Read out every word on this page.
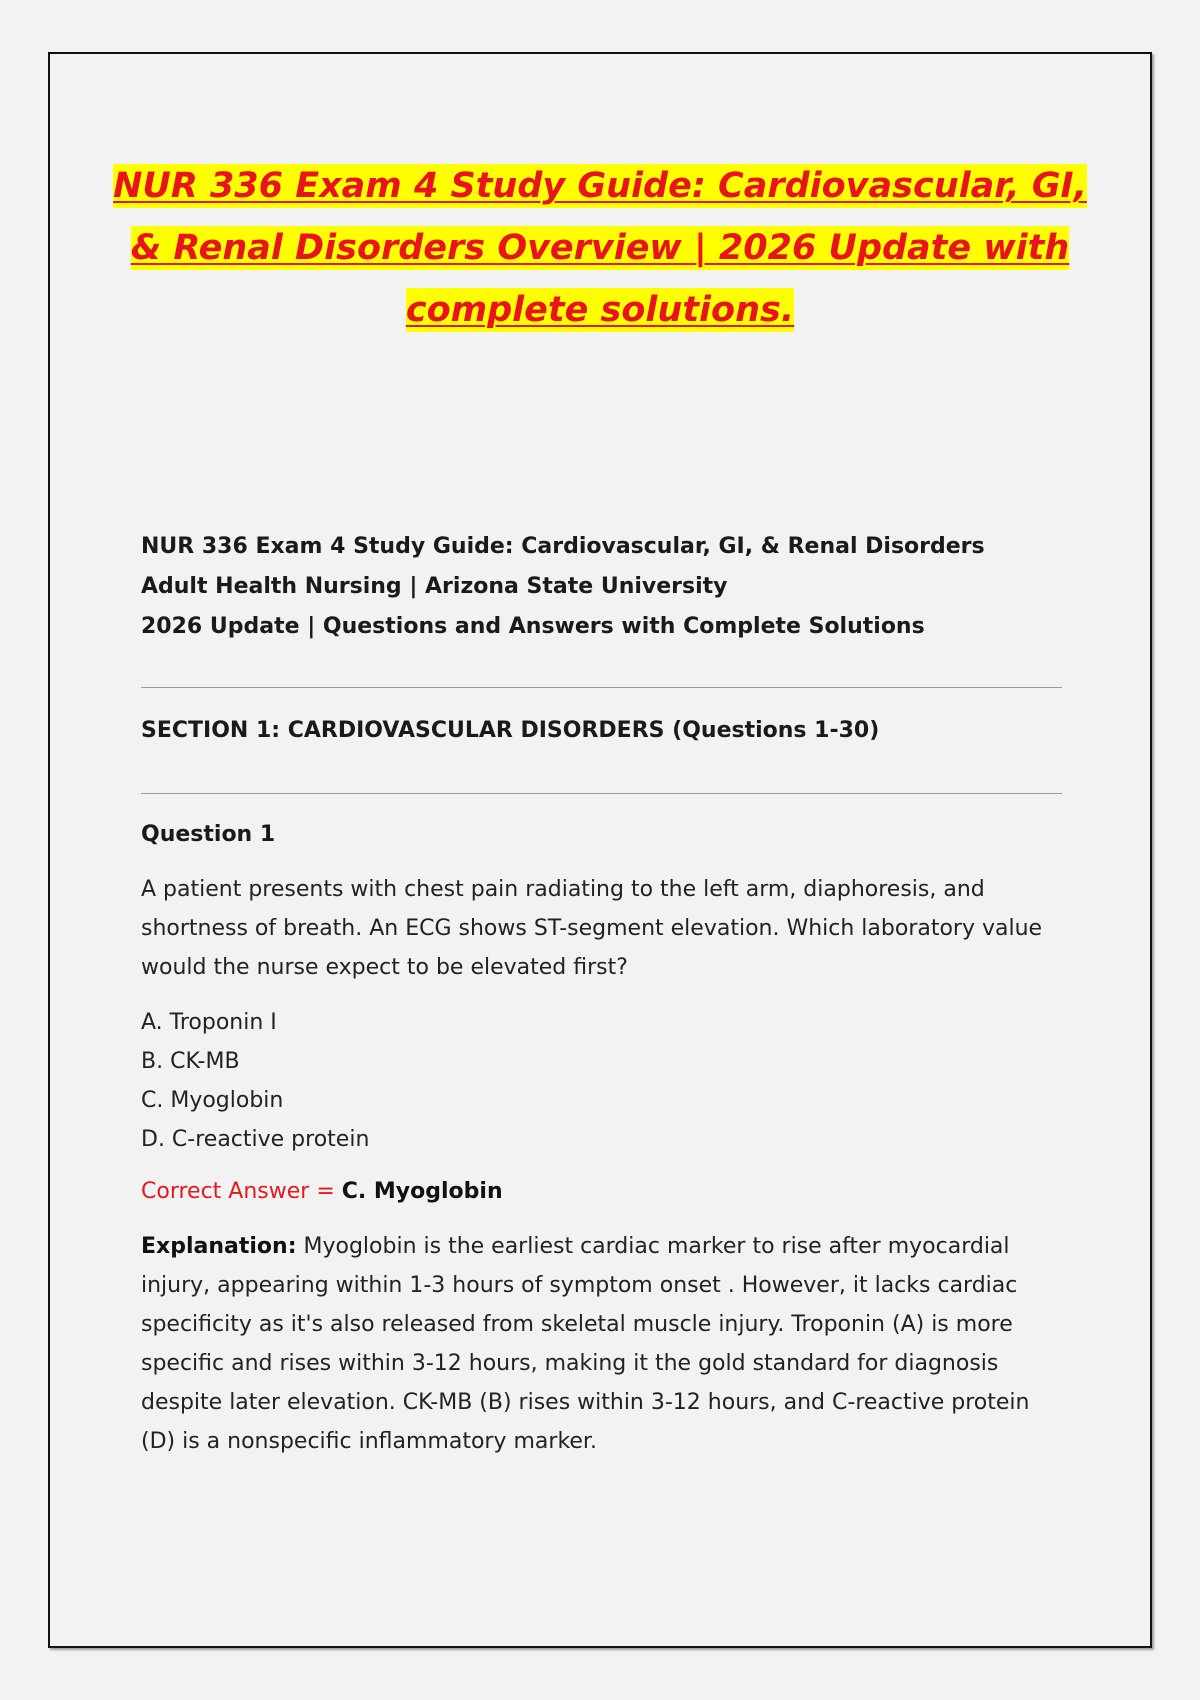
NUR 336 Exam 4 Study Guide: Cardiovascular, GI,
& Renal Disorders Overview | 2026 Update with
complete solutions.
NUR 336 Exam 4 Study Guide: Cardiovascular, GI, & Renal Disorders
Adult Health Nursing | Arizona State University
2026 Update | Questions and Answers with Complete Solutions
SECTION 1: CARDIOVASCULAR DISORDERS (Questions 1-30)
Question 1
A patient presents with chest pain radiating to the left arm, diaphoresis, and shortness of breath. An ECG shows ST-segment elevation. Which laboratory value would the nurse expect to be elevated first?
A. Troponin I
B. CK-MB
C. Myoglobin
D. C-reactive protein
Correct Answer = C. Myoglobin
Explanation: Myoglobin is the earliest cardiac marker to rise after myocardial injury, appearing within 1-3 hours of symptom onset . However, it lacks cardiac specificity as it's also released from skeletal muscle injury. Troponin (A) is more specific and rises within 3-12 hours, making it the gold standard for diagnosis despite later elevation. CK-MB (B) rises within 3-12 hours, and C-reactive protein (D) is a nonspecific inflammatory marker.
